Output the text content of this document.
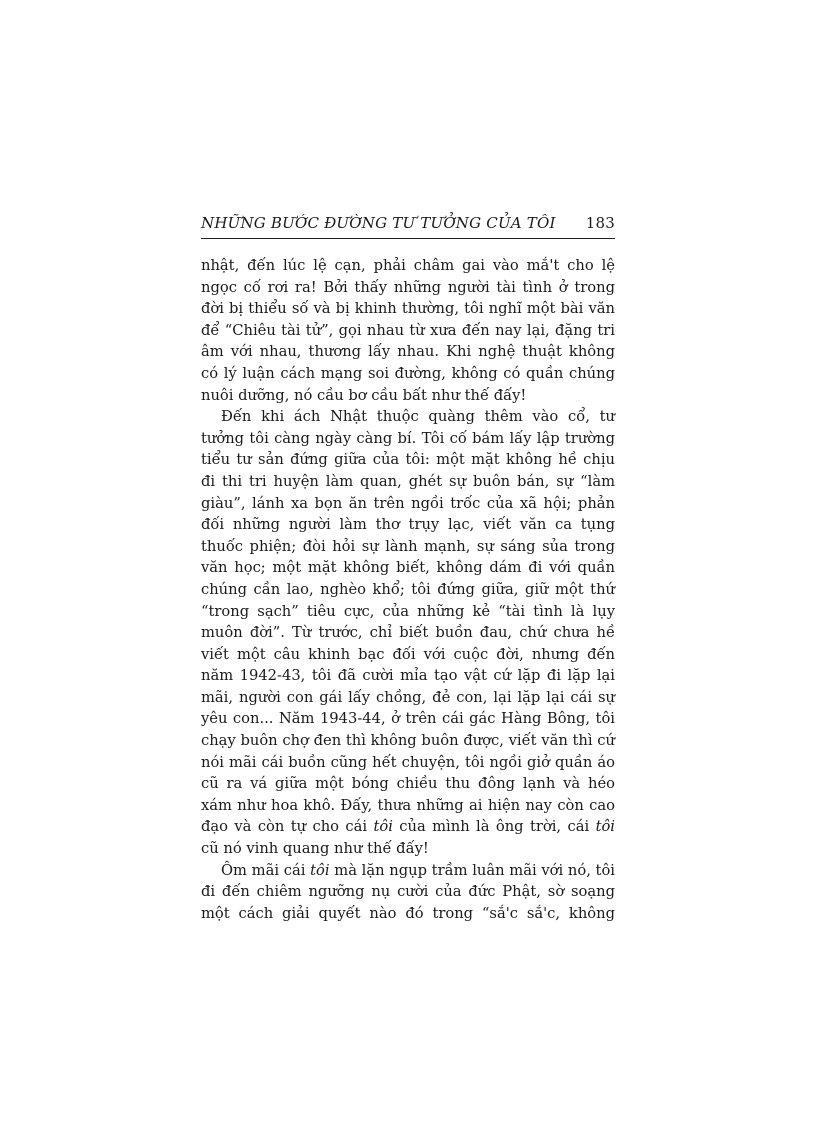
NHỮNG BƯỚC ĐƯỜNG TƯ TƯỞNG CỦA TÔI 183

nhật, đến lúc lệ cạn, phải châm gai vào mắ't cho lệ ngọc cố rơi ra! Bởi thấy những người tài tình ở trong đời bị thiểu số và bị khinh thường, tôi nghĩ một bài văn để “Chiêu tài tử”, gọi nhau từ xưa đến nay lại, đặng tri âm với nhau, thương lấy nhau. Khi nghệ thuật không có lý luận cách mạng soi đường, không có quần chúng nuôi dưỡng, nó cầu bơ cầu bất như thế đấy!

Đến khi ách Nhật thuộc quàng thêm vào cổ, tư tưởng tôi càng ngày càng bí. Tôi cố bám lấy lập trường tiểu tư sản đứng giữa của tôi: một mặt không hề chịu đi thi tri huyện làm quan, ghét sự buôn bán, sự “làm giàu”, lánh xa bọn ăn trên ngồi trốc của xã hội; phản đối những người làm thơ trụy lạc, viết văn ca tụng thuốc phiện; đòi hỏi sự lành mạnh, sự sáng sủa trong văn học; một mặt không biết, không dám đi với quần chúng cần lao, nghèo khổ; tôi đứng giữa, giữ một thứ “trong sạch” tiêu cực, của những kẻ “tài tình là lụy muôn đời”. Từ trước, chỉ biết buồn đau, chứ chưa hề viết một câu khinh bạc đối với cuộc đời, nhưng đến năm 1942-43, tôi đã cười mỉa tạo vật cứ lặp đi lặp lại mãi, người con gái lấy chồng, đẻ con, lại lặp lại cái sự yêu con... Năm 1943-44, ở trên cái gác Hàng Bông, tôi chạy buôn chợ đen thì không buôn được, viết văn thì cứ nói mãi cái buồn cũng hết chuyện, tôi ngồi giở quần áo cũ ra vá giữa một bóng chiều thu đông lạnh và héo xám như hoa khô. Đấy, thưa những ai hiện nay còn cao đạo và còn tự cho cái tôi của mình là ông trời, cái tôi cũ nó vinh quang như thế đấy!

Ôm mãi cái tôi mà lặn ngụp trầm luân mãi với nó, tôi đi đến chiêm ngưỡng nụ cười của đức Phật, sờ soạng một cách giải quyết nào đó trong “sắ'c sắ'c, không
